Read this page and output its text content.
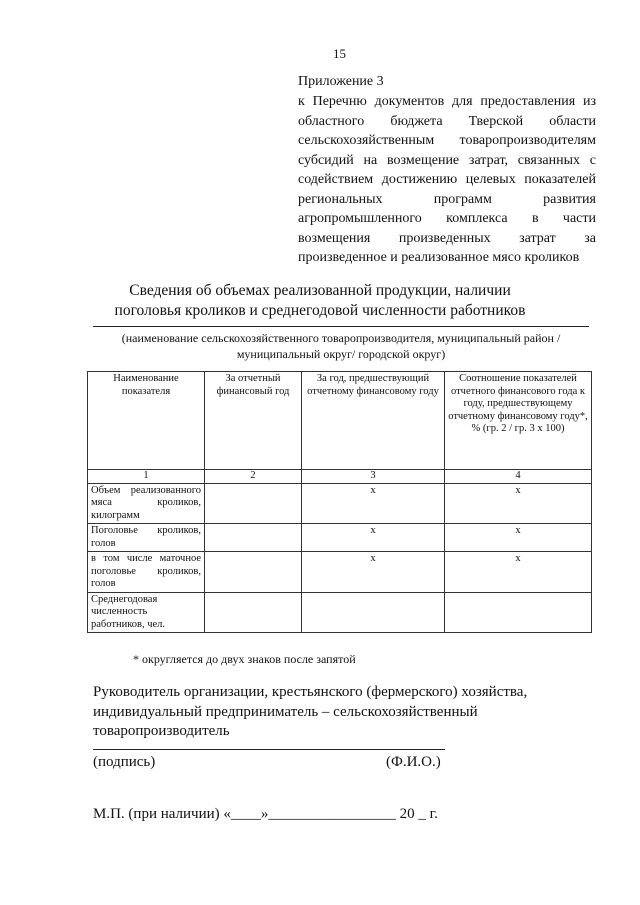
15
Приложение 3
к Перечню документов для предоставления из областного бюджета Тверской области сельскохозяйственным товаропроизводителям субсидий на возмещение затрат, связанных с содействием достижению целевых показателей региональных программ развития агропромышленного комплекса в части возмещения произведенных затрат за произведенное и реализованное мясо кроликов
Сведения об объемах реализованной продукции, наличии поголовья кроликов и среднегодовой численности работников
(наименование сельскохозяйственного товаропроизводителя, муниципальный район /муниципальный округ/ городской округ)
Наименование показателя	За отчетный финансовый год	За год, предшествующий отчетному финансовому году	Соотношение показателей отчетного финансового года к году, предшествующему отчетному финансовому году*, % (гр. 2 / гр. 3 х 100)
1	2	3	4
Объем реализованного мяса кроликов, килограмм		х	х
Поголовье кроликов, голов		х	х
в том числе маточное поголовье кроликов, голов		х	х
Среднегодовая численность работников, чел.			
* округляется до двух знаков после запятой
Руководитель организации, крестьянского (фермерского) хозяйства, индивидуальный предприниматель – сельскохозяйственный товаропроизводитель
(подпись)	(Ф.И.О.)
М.П. (при наличии) «____»_________________ 20 _ г.
